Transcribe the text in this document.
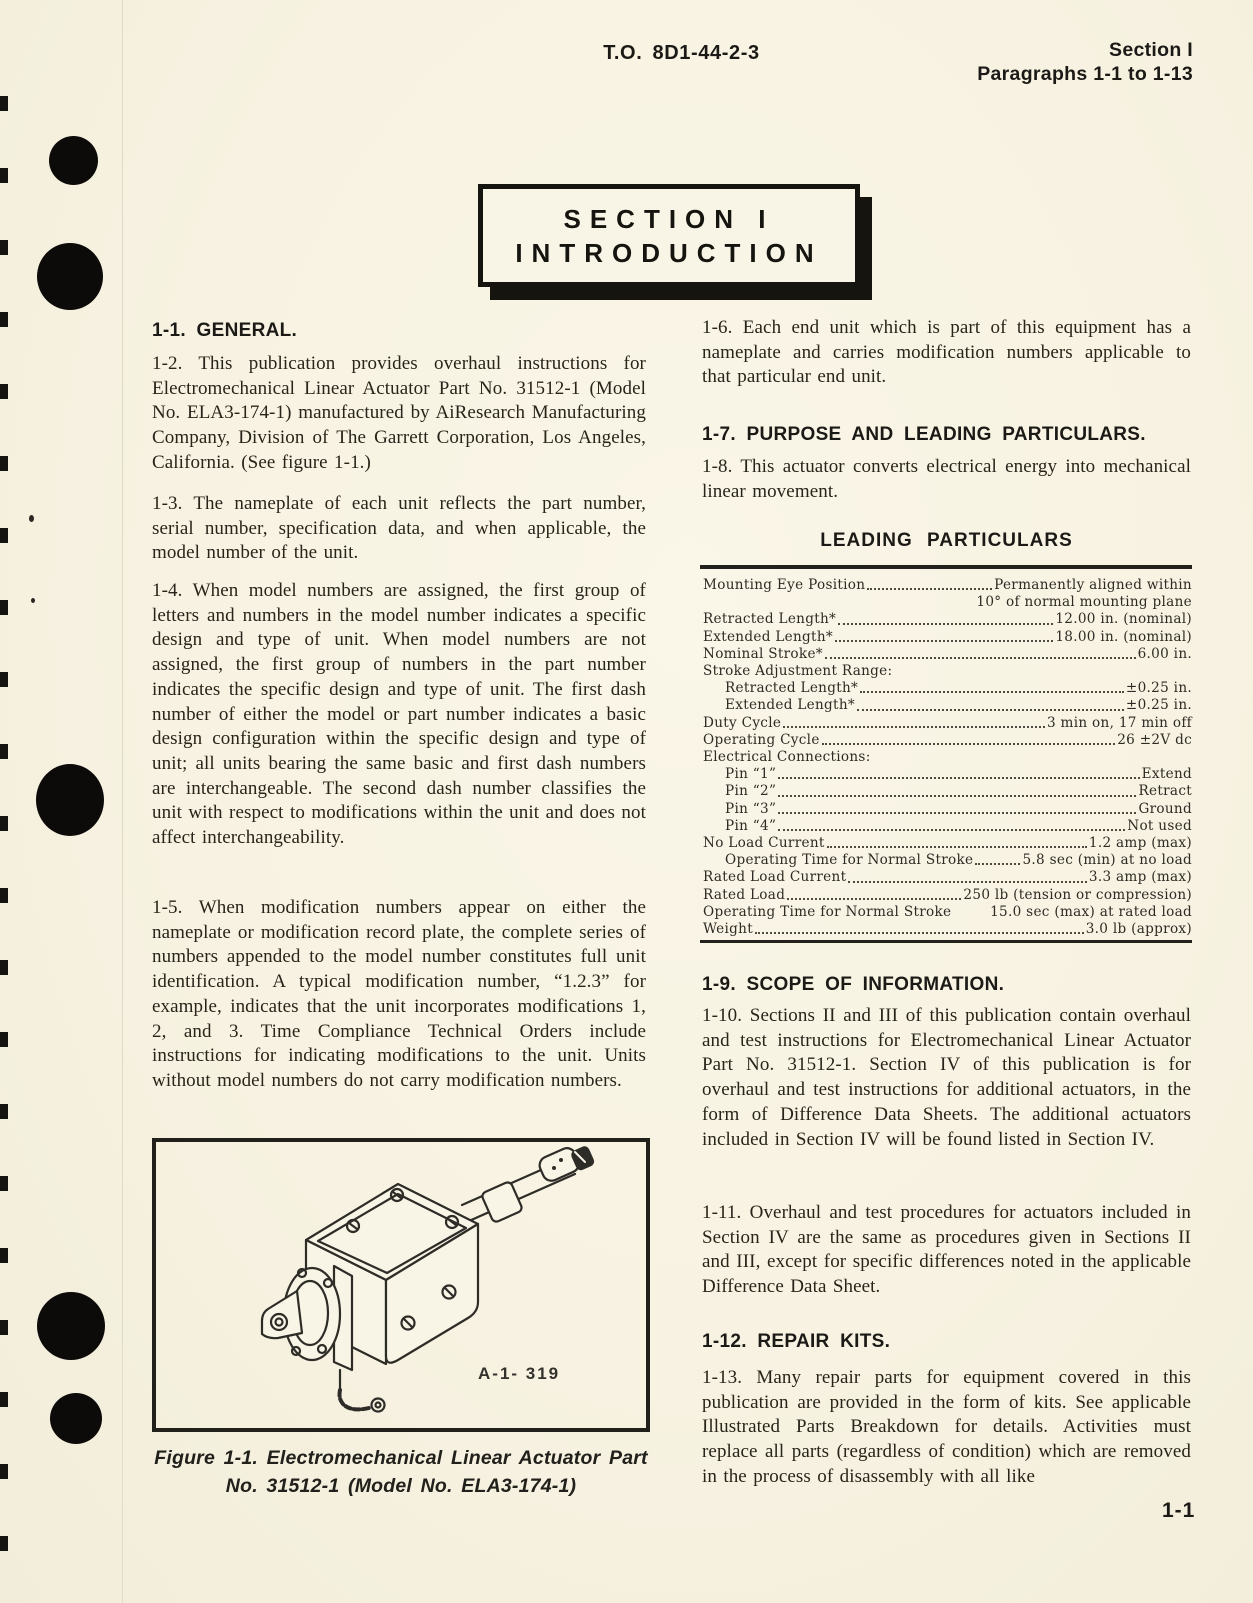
T.O. 8D1-44-2-3	Section I
Paragraphs 1-1 to 1-13
SECTION I
INTRODUCTION
1-1. GENERAL.
1-2. This publication provides overhaul instructions for Electromechanical Linear Actuator Part No. 31512-1 (Model No. ELA3-174-1) manufactured by AiResearch Manufacturing Company, Division of The Garrett Corporation, Los Angeles, California. (See figure 1-1.)
1-3. The nameplate of each unit reflects the part number, serial number, specification data, and when applicable, the model number of the unit.
1-4. When model numbers are assigned, the first group of letters and numbers in the model number indicates a specific design and type of unit. When model numbers are not assigned, the first group of numbers in the part number indicates the specific design and type of unit. The first dash number of either the model or part number indicates a basic design configuration within the specific design and type of unit; all units bearing the same basic and first dash numbers are interchangeable. The second dash number classifies the unit with respect to modifications within the unit and does not affect interchangeability.
1-5. When modification numbers appear on either the nameplate or modification record plate, the complete series of numbers appended to the model number constitutes full unit identification. A typical modification number, “1.2.3” for example, indicates that the unit incorporates modifications 1, 2, and 3. Time Compliance Technical Orders include instructions for indicating modifications to the unit. Units without model numbers do not carry modification numbers.
A-1- 319
Figure 1-1. Electromechanical Linear Actuator Part
No. 31512-1 (Model No. ELA3-174-1)
1-6. Each end unit which is part of this equipment has a nameplate and carries modification numbers applicable to that particular end unit.
1-7. PURPOSE AND LEADING PARTICULARS.
1-8. This actuator converts electrical energy into mechanical linear movement.
LEADING PARTICULARS
Mounting Eye Position	Permanently aligned within
10° of normal mounting plane
Retracted Length*	12.00 in. (nominal)
Extended Length*	18.00 in. (nominal)
Nominal Stroke*	6.00 in.
Stroke Adjustment Range:
Retracted Length*	±0.25 in.
Extended Length*	±0.25 in.
Duty Cycle	3 min on, 17 min off
Operating Cycle	26 ±2V dc
Electrical Connections:
Pin “1”	Extend
Pin “2”	Retract
Pin “3”	Ground
Pin “4”	Not used
No Load Current	1.2 amp (max)
Operating Time for Normal Stroke	5.8 sec (min) at no load
Rated Load Current	3.3 amp (max)
Rated Load	250 lb (tension or compression)
Operating Time for Normal Stroke	15.0 sec (max) at rated load
Weight	3.0 lb (approx)
1-9. SCOPE OF INFORMATION.
1-10. Sections II and III of this publication contain overhaul and test instructions for Electromechanical Linear Actuator Part No. 31512-1. Section IV of this publication is for overhaul and test instructions for additional actuators, in the form of Difference Data Sheets. The additional actuators included in Section IV will be found listed in Section IV.
1-11. Overhaul and test procedures for actuators included in Section IV are the same as procedures given in Sections II and III, except for specific differences noted in the applicable Difference Data Sheet.
1-12. REPAIR KITS.
1-13. Many repair parts for equipment covered in this publication are provided in the form of kits. See applicable Illustrated Parts Breakdown for details. Activities must replace all parts (regardless of condition) which are removed in the process of disassembly with all like
1-1
